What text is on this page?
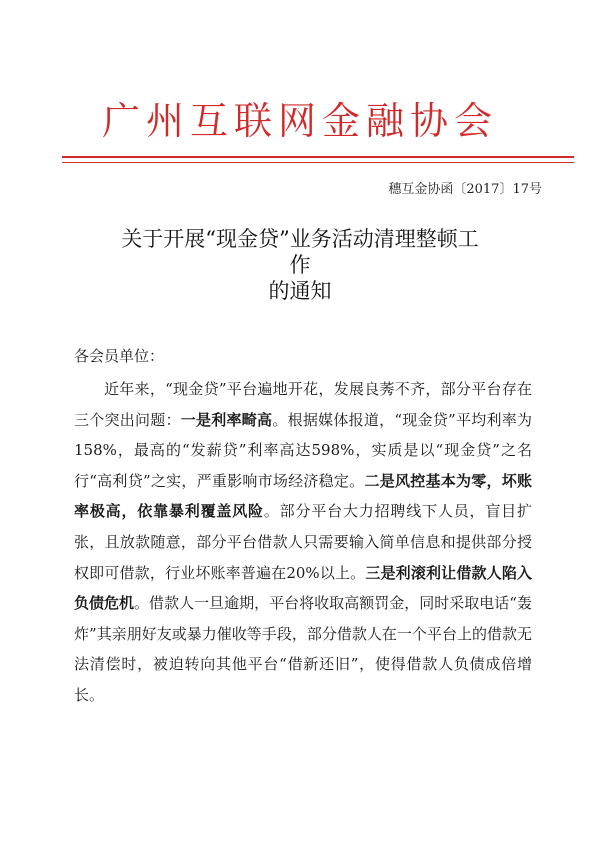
广州互联网金融协会
穗互金协函〔2017〕17号
关于开展“现金贷”业务活动清理整顿工
作
的通知
各会员单位：

近年来，“现金贷”平台遍地开花，发展良莠不齐，部分平台存在三个突出问题：一是利率畸高。根据媒体报道，“现金贷”平均利率为158%，最高的“发薪贷”利率高达598%，实质是以“现金贷”之名行“高利贷”之实，严重影响市场经济稳定。二是风控基本为零，坏账率极高，依靠暴利覆盖风险。部分平台大力招聘线下人员，盲目扩张，且放款随意，部分平台借款人只需要输入简单信息和提供部分授权即可借款，行业坏账率普遍在20%以上。三是利滚利让借款人陷入负债危机。借款人一旦逾期，平台将收取高额罚金，同时采取电话“轰炸”其亲朋好友或暴力催收等手段，部分借款人在一个平台上的借款无法清偿时，被迫转向其他平台“借新还旧”，使得借款人负债成倍增长。
